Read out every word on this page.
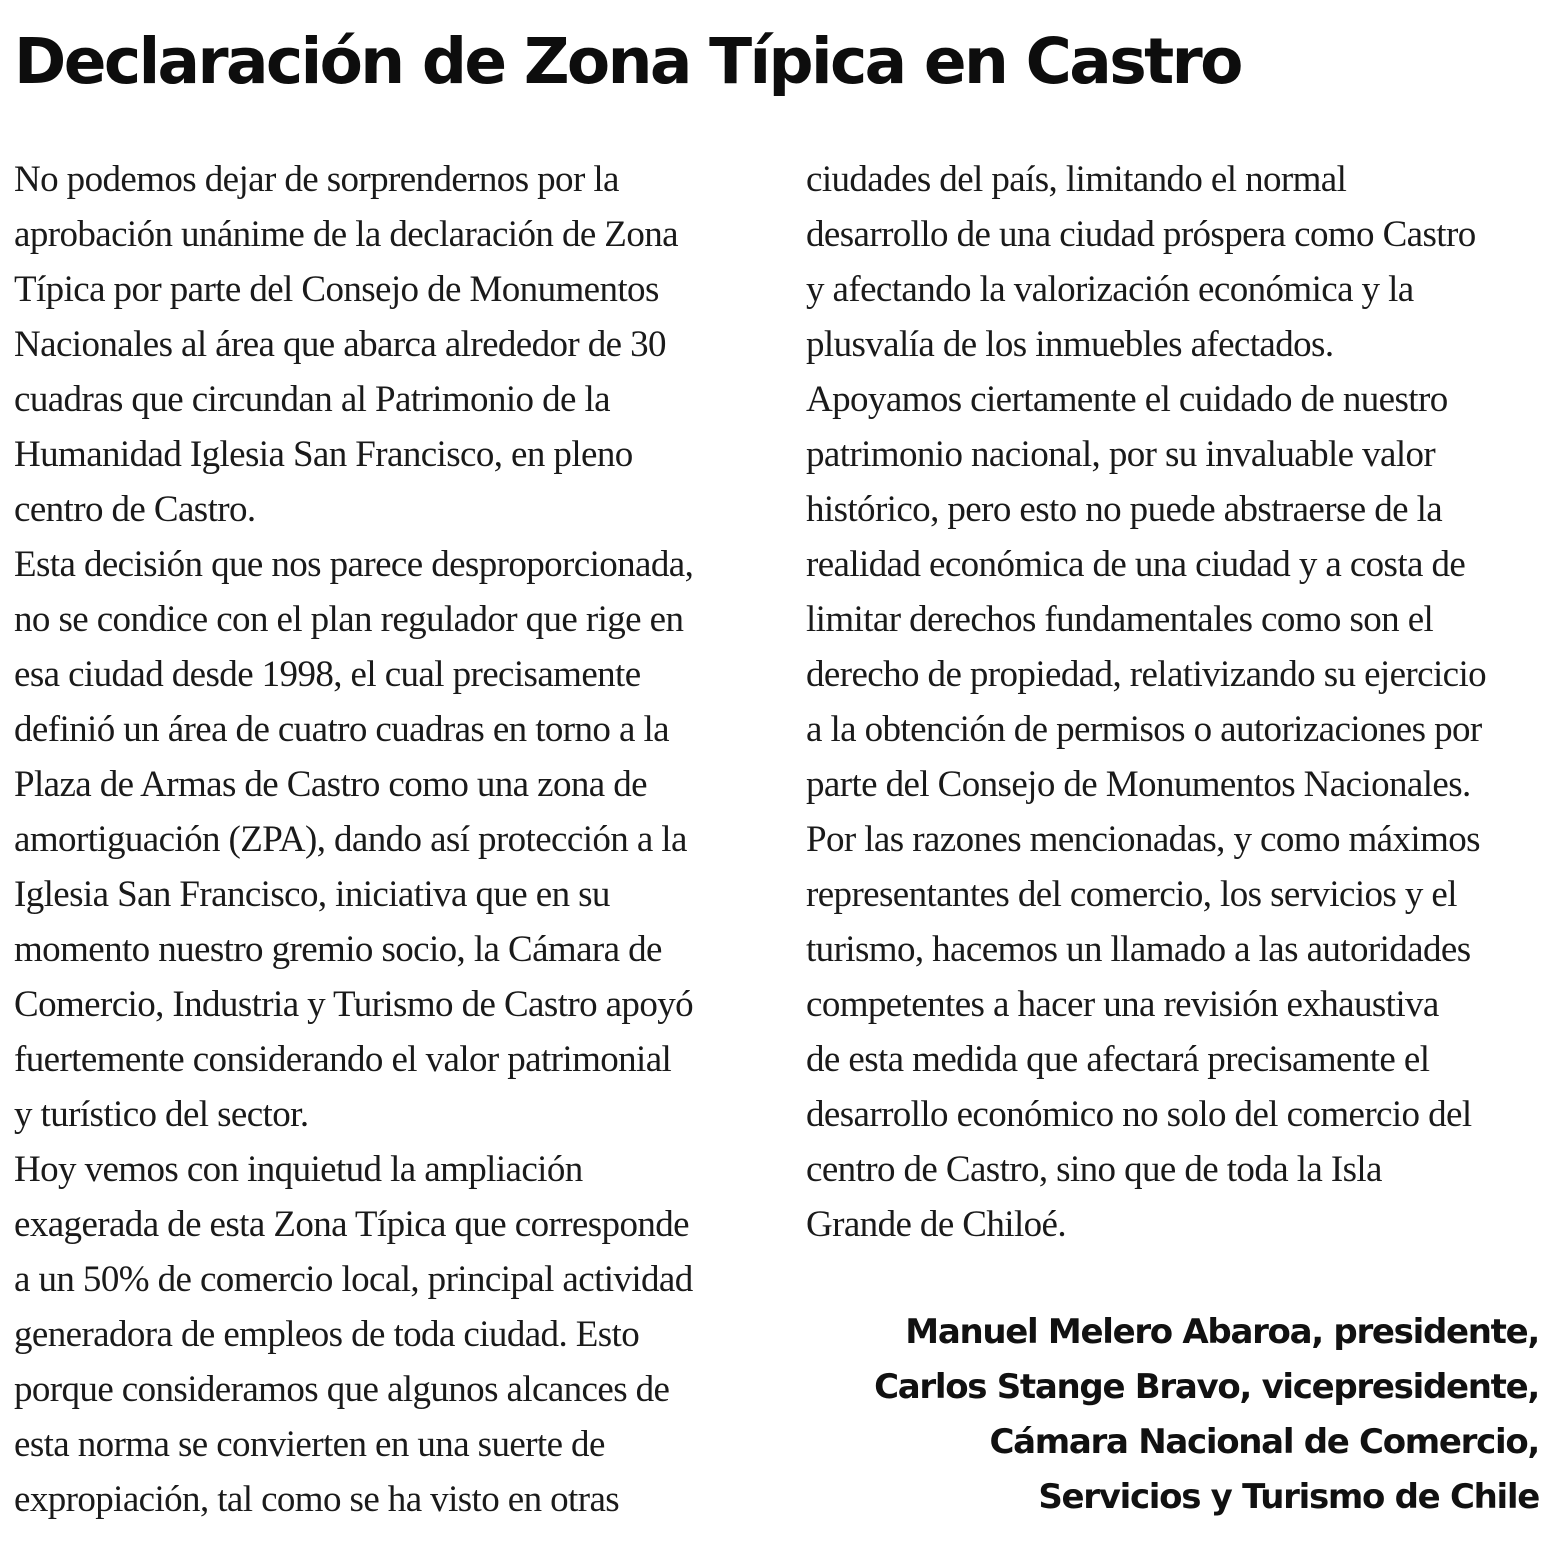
Declaración de Zona Típica en Castro
No podemos dejar de sorprendernos por la
aprobación unánime de la declaración de Zona
Típica por parte del Consejo de Monumentos
Nacionales al área que abarca alrededor de 30
cuadras que circundan al Patrimonio de la
Humanidad Iglesia San Francisco, en pleno
centro de Castro.
Esta decisión que nos parece desproporcionada,
no se condice con el plan regulador que rige en
esa ciudad desde 1998, el cual precisamente
definió un área de cuatro cuadras en torno a la
Plaza de Armas de Castro como una zona de
amortiguación (ZPA), dando así protección a la
Iglesia San Francisco, iniciativa que en su
momento nuestro gremio socio, la Cámara de
Comercio, Industria y Turismo de Castro apoyó
fuertemente considerando el valor patrimonial
y turístico del sector.
Hoy vemos con inquietud la ampliación
exagerada de esta Zona Típica que corresponde
a un 50% de comercio local, principal actividad
generadora de empleos de toda ciudad. Esto
porque consideramos que algunos alcances de
esta norma se convierten en una suerte de
expropiación, tal como se ha visto en otras
ciudades del país, limitando el normal
desarrollo de una ciudad próspera como Castro
y afectando la valorización económica y la
plusvalía de los inmuebles afectados.
Apoyamos ciertamente el cuidado de nuestro
patrimonio nacional, por su invaluable valor
histórico, pero esto no puede abstraerse de la
realidad económica de una ciudad y a costa de
limitar derechos fundamentales como son el
derecho de propiedad, relativizando su ejercicio
a la obtención de permisos o autorizaciones por
parte del Consejo de Monumentos Nacionales.
Por las razones mencionadas, y como máximos
representantes del comercio, los servicios y el
turismo, hacemos un llamado a las autoridades
competentes a hacer una revisión exhaustiva
de esta medida que afectará precisamente el
desarrollo económico no solo del comercio del
centro de Castro, sino que de toda la Isla
Grande de Chiloé.
Manuel Melero Abaroa, presidente,
Carlos Stange Bravo, vicepresidente,
Cámara Nacional de Comercio,
Servicios y Turismo de Chile
